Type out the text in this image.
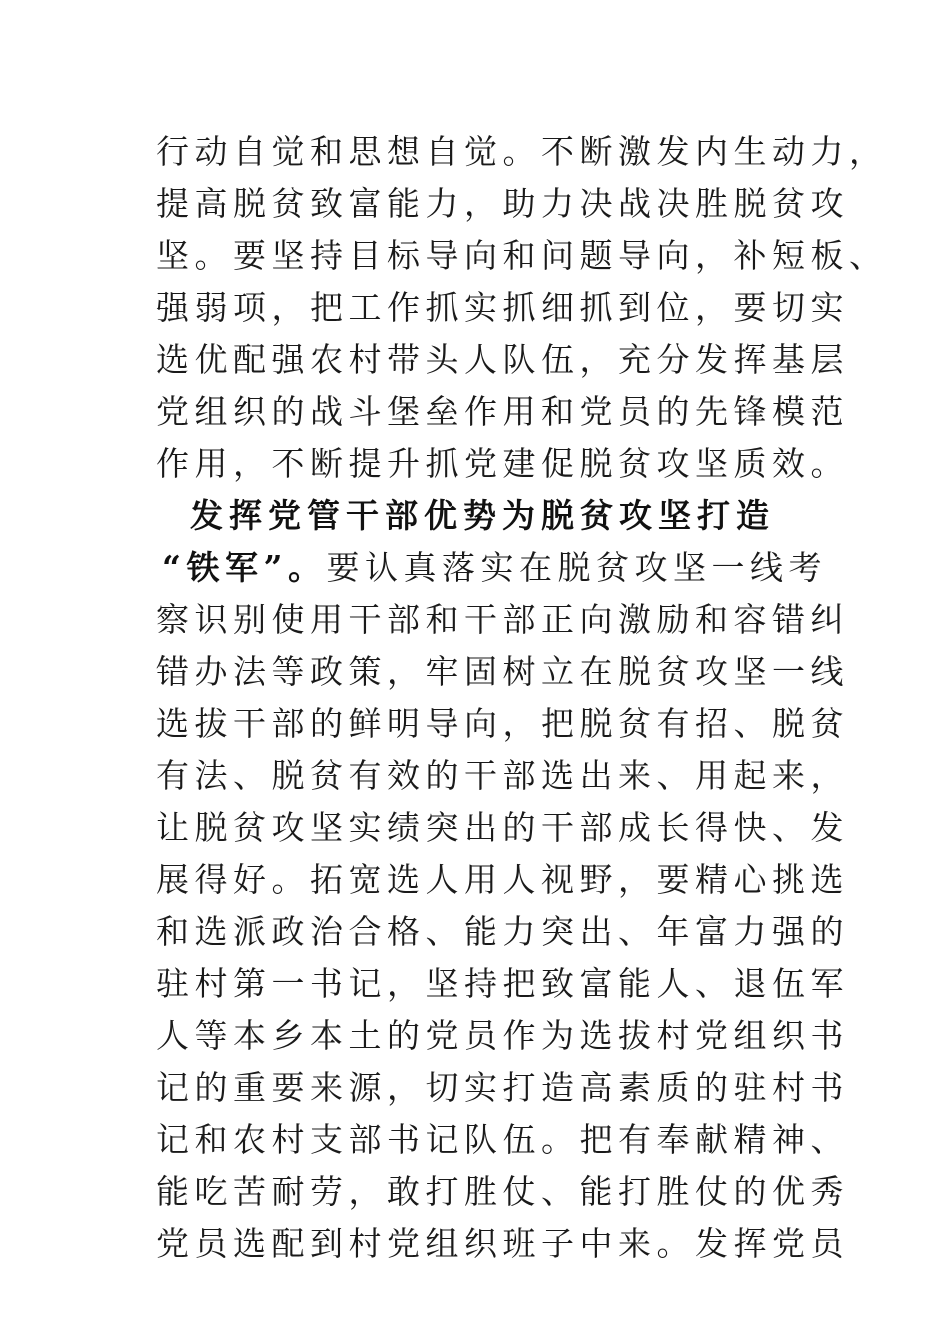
行动自觉和思想自觉。不断激发内生动力，
提高脱贫致富能力，助力决战决胜脱贫攻
坚。要坚持目标导向和问题导向，补短板、
强弱项，把工作抓实抓细抓到位，要切实
选优配强农村带头人队伍，充分发挥基层
党组织的战斗堡垒作用和党员的先锋模范
作用，不断提升抓党建促脱贫攻坚质效。
发挥党管干部优势为脱贫攻坚打造
“铁军”。要认真落实在脱贫攻坚一线考
察识别使用干部和干部正向激励和容错纠
错办法等政策，牢固树立在脱贫攻坚一线
选拔干部的鲜明导向，把脱贫有招、脱贫
有法、脱贫有效的干部选出来、用起来，
让脱贫攻坚实绩突出的干部成长得快、发
展得好。拓宽选人用人视野，要精心挑选
和选派政治合格、能力突出、年富力强的
驻村第一书记，坚持把致富能人、退伍军
人等本乡本土的党员作为选拔村党组织书
记的重要来源，切实打造高素质的驻村书
记和农村支部书记队伍。把有奉献精神、
能吃苦耐劳，敢打胜仗、能打胜仗的优秀
党员选配到村党组织班子中来。发挥党员
